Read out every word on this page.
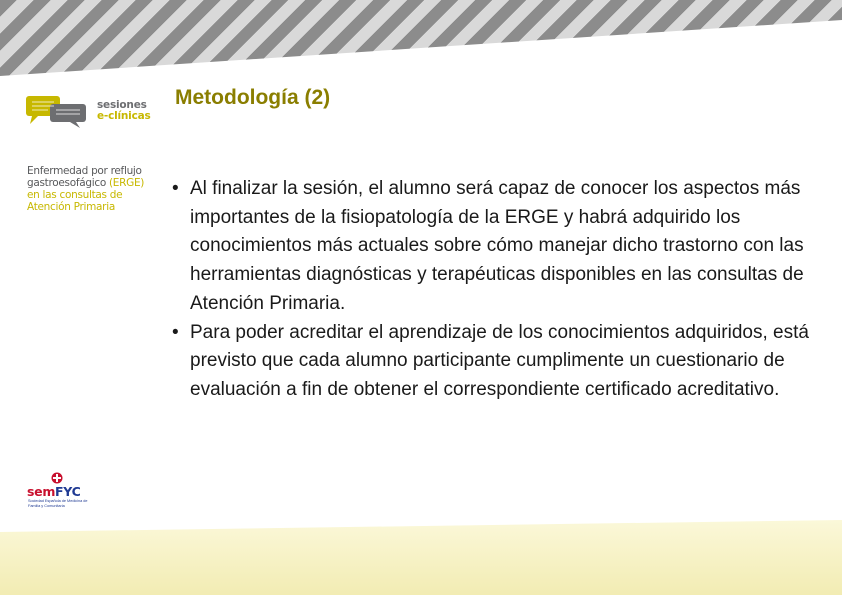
sesiones
e-clínicas
Enfermedad por reflujo
gastroesofágico (ERGE)
en las consultas de
Atención Primaria
Metodología (2)
• Al finalizar la sesión, el alumno será capaz de conocer los aspectos más importantes de la fisiopatología de la ERGE y habrá adquirido los conocimientos más actuales sobre cómo manejar dicho trastorno con las herramientas diagnósticas y terapéuticas disponibles en las consultas de Atención Primaria.
• Para poder acreditar el aprendizaje de los conocimientos adquiridos, está previsto que cada alumno participante cumplimente un cuestionario de evaluación a fin de obtener el correspondiente certificado acreditativo.
semFYC
Sociedad Española de Medicina de Familia y Comunitaria
